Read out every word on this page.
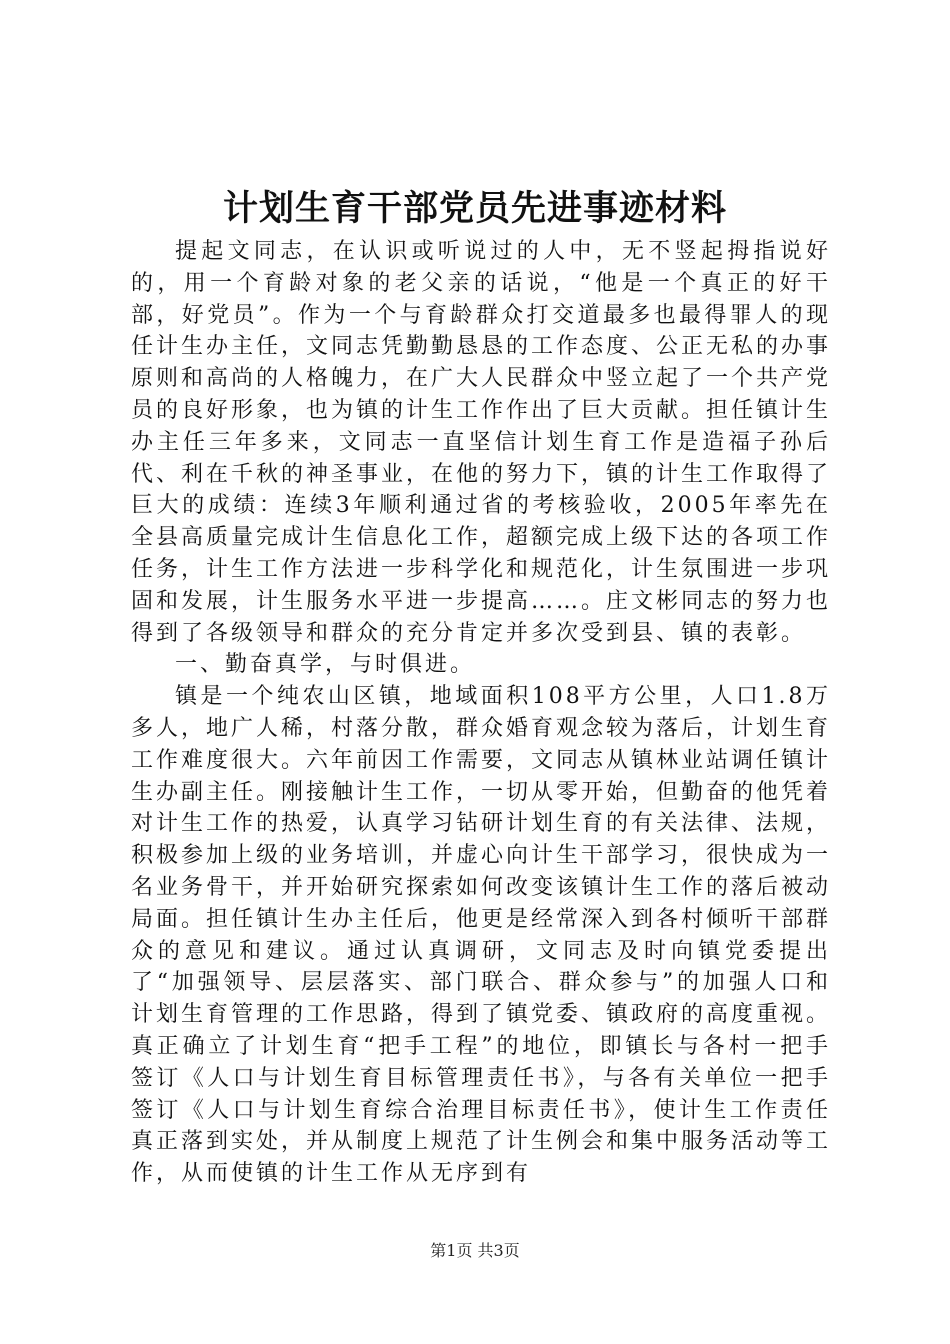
计划生育干部党员先进事迹材料

提起文同志，在认识或听说过的人中，无不竖起拇指说好的，用一个育龄对象的老父亲的话说，“他是一个真正的好干部，好党员”。作为一个与育龄群众打交道最多也最得罪人的现任计生办主任，文同志凭勤勤恳恳的工作态度、公正无私的办事原则和高尚的人格魄力，在广大人民群众中竖立起了一个共产党员的良好形象，也为镇的计生工作作出了巨大贡献。担任镇计生办主任三年多来，文同志一直坚信计划生育工作是造福子孙后代、利在千秋的神圣事业，在他的努力下，镇的计生工作取得了巨大的成绩：连续3年顺利通过省的考核验收，2005年率先在全县高质量完成计生信息化工作，超额完成上级下达的各项工作任务，计生工作方法进一步科学化和规范化，计生氛围进一步巩固和发展，计生服务水平进一步提高……。庄文彬同志的努力也得到了各级领导和群众的充分肯定并多次受到县、镇的表彰。

一、勤奋真学，与时俱进。

镇是一个纯农山区镇，地域面积108平方公里，人口1.8万多人，地广人稀，村落分散，群众婚育观念较为落后，计划生育工作难度很大。六年前因工作需要，文同志从镇林业站调任镇计生办副主任。刚接触计生工作，一切从零开始，但勤奋的他凭着对计生工作的热爱，认真学习钻研计划生育的有关法律、法规，积极参加上级的业务培训，并虚心向计生干部学习，很快成为一名业务骨干，并开始研究探索如何改变该镇计生工作的落后被动局面。担任镇计生办主任后，他更是经常深入到各村倾听干部群众的意见和建议。通过认真调研，文同志及时向镇党委提出了“加强领导、层层落实、部门联合、群众参与”的加强人口和计划生育管理的工作思路，得到了镇党委、镇政府的高度重视。真正确立了计划生育“把手工程”的地位，即镇长与各村一把手签订《人口与计划生育目标管理责任书》，与各有关单位一把手签订《人口与计划生育综合治理目标责任书》，使计生工作责任真正落到实处，并从制度上规范了计生例会和集中服务活动等工作，从而使镇的计生工作从无序到有

第1页 共3页
